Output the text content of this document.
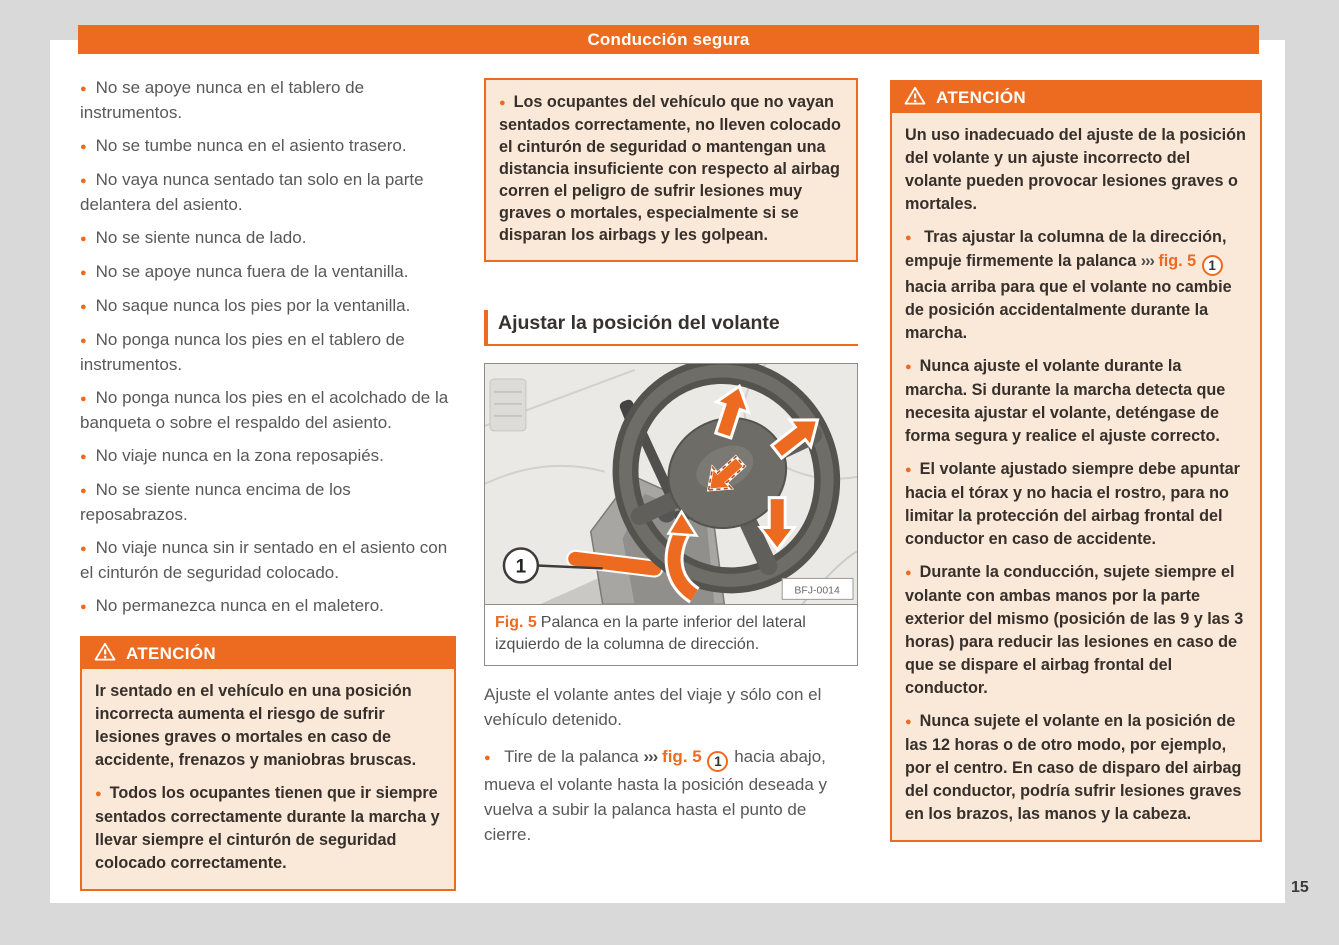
Conducción segura
● No se apoye nunca en el tablero de instrumentos.
● No se tumbe nunca en el asiento trasero.
● No vaya nunca sentado tan solo en la parte delantera del asiento.
● No se siente nunca de lado.
● No se apoye nunca fuera de la ventanilla.
● No saque nunca los pies por la ventanilla.
● No ponga nunca los pies en el tablero de instrumentos.
● No ponga nunca los pies en el acolchado de la banqueta o sobre el respaldo del asiento.
● No viaje nunca en la zona reposapiés.
● No se siente nunca encima de los reposabrazos.
● No viaje nunca sin ir sentado en el asiento con el cinturón de seguridad colocado.
● No permanezca nunca en el maletero.
ATENCIÓN

Ir sentado en el vehículo en una posición incorrecta aumenta el riesgo de sufrir lesiones graves o mortales en caso de accidente, frenazos y maniobras bruscas.

● Todos los ocupantes tienen que ir siempre sentados correctamente durante la marcha y llevar siempre el cinturón de seguridad colocado correctamente.
● Los ocupantes del vehículo que no vayan sentados correctamente, no lleven colocado el cinturón de seguridad o mantengan una distancia insuficiente con respecto al airbag corren el peligro de sufrir lesiones muy graves o mortales, especialmente si se disparan los airbags y les golpean.
Ajustar la posición del volante
1
BFJ-0014
Fig. 5 Palanca en la parte inferior del lateral izquierdo de la columna de dirección.

Ajuste el volante antes del viaje y sólo con el vehículo detenido.

● Tire de la palanca ››› fig. 5 1 hacia abajo, mueva el volante hasta la posición deseada y vuelva a subir la palanca hasta el punto de cierre.
ATENCIÓN

Un uso inadecuado del ajuste de la posición del volante y un ajuste incorrecto del volante pueden provocar lesiones graves o mortales.

● Tras ajustar la columna de la dirección, empuje firmemente la palanca ››› fig. 5 1 hacia arriba para que el volante no cambie de posición accidentalmente durante la marcha.
● Nunca ajuste el volante durante la marcha. Si durante la marcha detecta que necesita ajustar el volante, deténgase de forma segura y realice el ajuste correcto.
● El volante ajustado siempre debe apuntar hacia el tórax y no hacia el rostro, para no limitar la protección del airbag frontal del conductor en caso de accidente.
● Durante la conducción, sujete siempre el volante con ambas manos por la parte exterior del mismo (posición de las 9 y las 3 horas) para reducir las lesiones en caso de que se dispare el airbag frontal del conductor.
● Nunca sujete el volante en la posición de las 12 horas o de otro modo, por ejemplo, por el centro. En caso de disparo del airbag del conductor, podría sufrir lesiones graves en los brazos, las manos y la cabeza.
15
